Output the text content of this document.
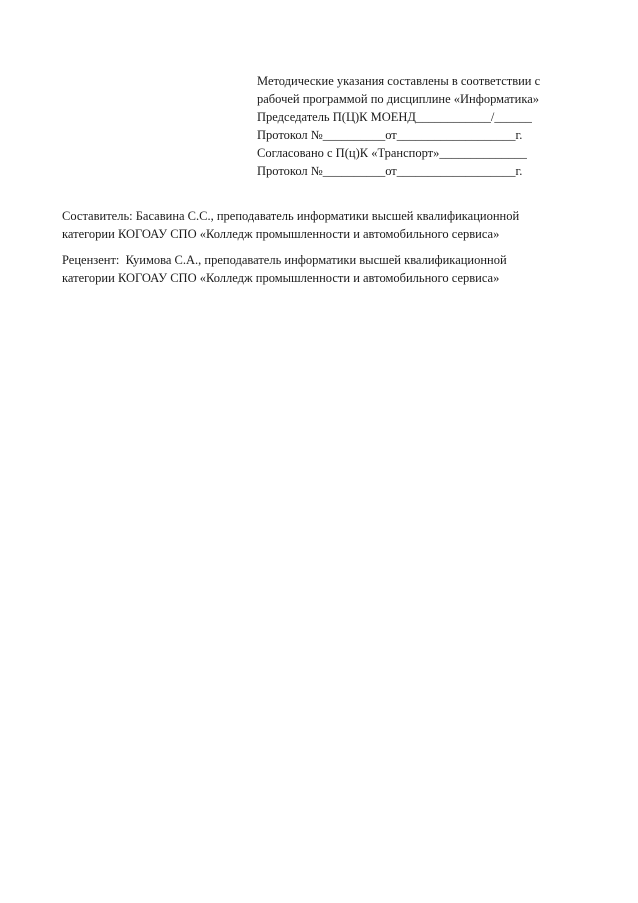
Методические указания составлены в соответствии с

рабочей программой по дисциплине «Информатика»

Председатель П(Ц)К МОЕНД____________/______

Протокол №__________от___________________г.

Согласовано с П(ц)К «Транспорт»______________

Протокол №__________от___________________г.

Составитель: Басавина С.С., преподаватель информатики высшей квалификационной
категории КОГОАУ СПО «Колледж промышленности и автомобильного сервиса»

Рецензент:  Куимова С.А., преподаватель информатики высшей квалификационной
категории КОГОАУ СПО «Колледж промышленности и автомобильного сервиса»
